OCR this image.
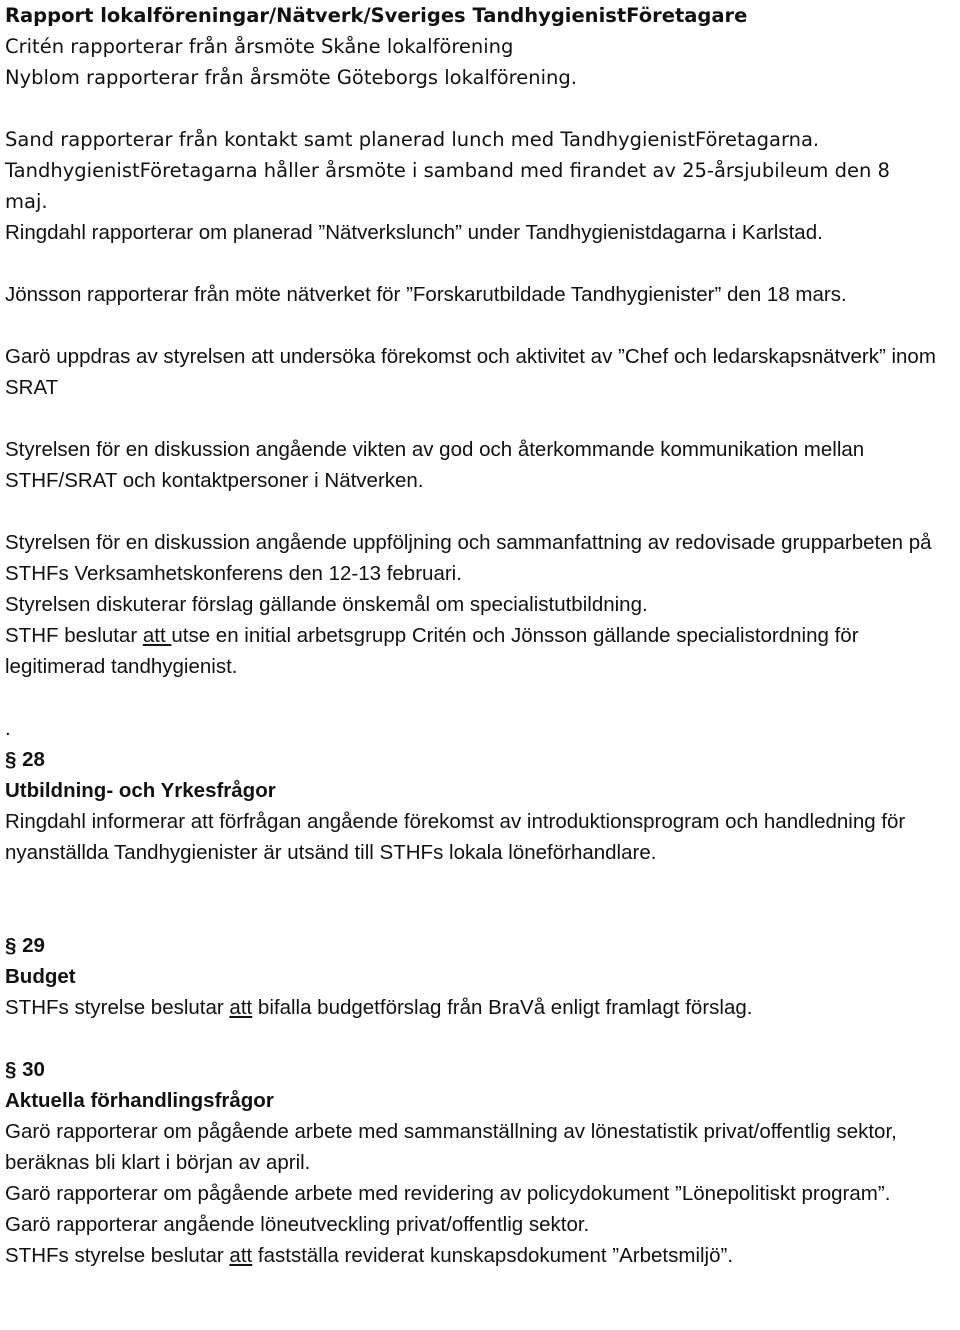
Rapport lokalföreningar/Nätverk/Sveriges TandhygienistFöretagare

Critén rapporterar från årsmöte Skåne lokalförening

Nyblom rapporterar från årsmöte Göteborgs lokalförening.

Sand rapporterar från kontakt samt planerad lunch med TandhygienistFöretagarna.

TandhygienistFöretagarna håller årsmöte i samband med firandet av 25-årsjubileum den 8

maj.

Ringdahl rapporterar om planerad ”Nätverkslunch” under Tandhygienistdagarna i Karlstad.

Jönsson rapporterar från möte nätverket för ”Forskarutbildade Tandhygienister” den 18 mars.

Garö uppdras av styrelsen att undersöka förekomst och aktivitet av ”Chef och ledarskapsnätverk” inom SRAT

Styrelsen för en diskussion angående vikten av god och återkommande kommunikation mellan STHF/SRAT och kontaktpersoner i Nätverken.

Styrelsen för en diskussion angående uppföljning och sammanfattning av redovisade grupparbeten på STHFs Verksamhetskonferens den 12-13 februari.

Styrelsen diskuterar förslag gällande önskemål om specialistutbildning.

STHF beslutar att utse en initial arbetsgrupp Critén och Jönsson gällande specialistordning för legitimerad tandhygienist.

.

§ 28

Utbildning- och Yrkesfrågor

Ringdahl informerar att förfrågan angående förekomst av introduktionsprogram och handledning för nyanställda Tandhygienister är utsänd till STHFs lokala löneförhandlare.

§ 29

Budget

STHFs styrelse beslutar att bifalla budgetförslag från BraVå enligt framlagt förslag.

§ 30

Aktuella förhandlingsfrågor

Garö rapporterar om pågående arbete med sammanställning av lönestatistik privat/offentlig sektor, beräknas bli klart i början av april.

Garö rapporterar om pågående arbete med revidering av policydokument ”Lönepolitiskt program”.

Garö rapporterar angående löneutveckling privat/offentlig sektor.

STHFs styrelse beslutar att fastställa reviderat kunskapsdokument ”Arbetsmiljö”.
